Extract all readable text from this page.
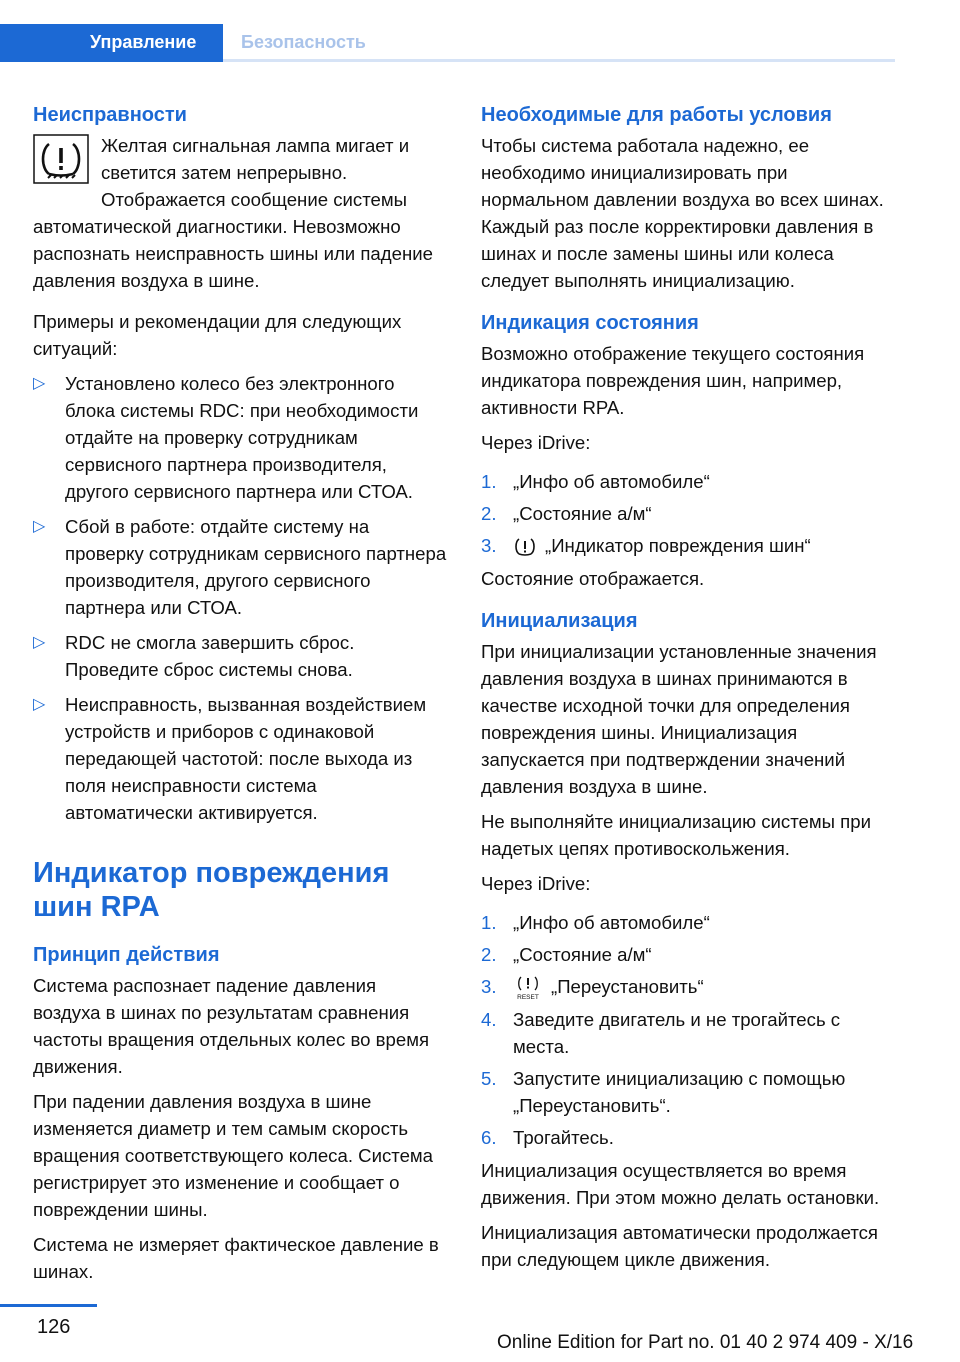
Управление	Безопасность
Неисправности

Желтая сигнальная лампа мигает и светится затем непрерывно. Отображается сообщение системы автоматической диагностики. Невозможно распознать неисправность шины или падение давления воздуха в шине.

Примеры и рекомендации для следующих ситуаций:

▷ Установлено колесо без электронного блока системы RDC: при необходимости отдайте на проверку сотрудникам сервисного партнера производителя, другого сервисного партнера или СТОА.
▷ Сбой в работе: отдайте систему на проверку сотрудникам сервисного партнера производителя, другого сервисного партнера или СТОА.
▷ RDC не смогла завершить сброс. Проведите сброс системы снова.
▷ Неисправность, вызванная воздействием устройств и приборов с одинаковой передающей частотой: после выхода из поля неисправности система автоматически активируется.
Индикатор повреждения шин RPA
Принцип действия

Система распознает падение давления воздуха в шинах по результатам сравнения частоты вращения отдельных колес во время движения.

При падении давления воздуха в шине изменяется диаметр и тем самым скорость вращения соответствующего колеса. Система регистрирует это изменение и сообщает о повреждении шины.

Система не измеряет фактическое давление в шинах.

Необходимые для работы условия

Чтобы система работала надежно, ее необходимо инициализировать при нормальном давлении воздуха во всех шинах. Каждый раз после корректировки давления в шинах и после замены шины или колеса следует выполнять инициализацию.

Индикация состояния

Возможно отображение текущего состояния индикатора повреждения шин, например, активности RPA.

Через iDrive:

1. „Инфо об автомобиле“
2. „Состояние а/м“
3.	„Индикатор повреждения шин“

Состояние отображается.

Инициализация

При инициализации установленные значения давления воздуха в шинах принимаются в качестве исходной точки для определения повреждения шины. Инициализация запускается при подтверждении значений давления воздуха в шине.

Не выполняйте инициализацию системы при надетых цепях противоскольжения.

Через iDrive:

1. „Инфо об автомобиле“
2. „Состояние а/м“
3.
RESET
„Переустановить“
4. Заведите двигатель и не трогайтесь с места.
5. Запустите инициализацию с помощью „Переустановить“.
6. Трогайтесь.

Инициализация осуществляется во время движения. При этом можно делать остановки.

Инициализация автоматически продолжается при следующем цикле движения.

126
Online Edition for Part no. 01 40 2 974 409 - X/16
